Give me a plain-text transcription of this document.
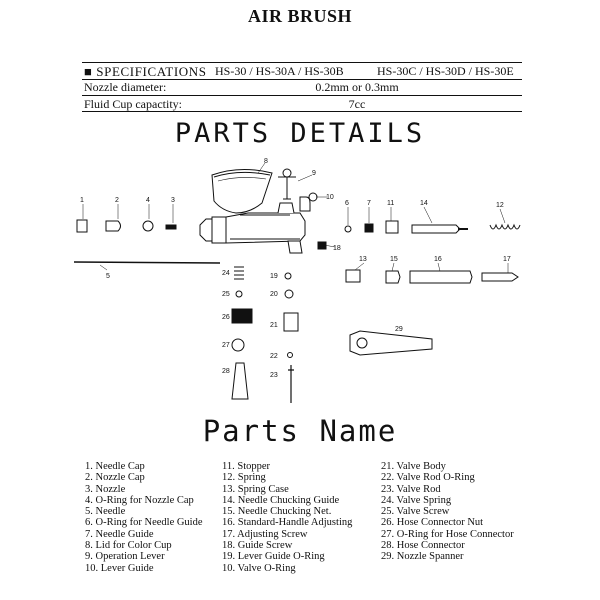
AIR BRUSH
■ SPECIFICATIONS HS-30 / HS-30A / HS-30B	HS-30C / HS-30D / HS-30E
Nozzle diameter:	0.2mm or 0.3mm
Fluid Cup capactity:	7cc
PARTS DETAILS
1	2	3
4
5
6	7
8
9
10
11	12
13
14
15	16	17
18
19
20
21
22
23
24
25
26
27
28
29
Parts Name
1. Needle Cap
2. Nozzle Cap
3. Nozzle
4. O-Ring for Nozzle Cap
5. Needle
6. O-Ring for Needle Guide
7. Needle Guide
8. Lid for Color Cup
9. Operation Lever
10. Lever Guide
11. Stopper
12. Spring
13. Spring Case
14. Needle Chucking Guide
15. Needle Chucking Net.
16. Standard-Handle Adjusting
17. Adjusting Screw
18. Guide Screw
19. Lever Guide O-Ring
10. Valve O-Ring
21. Valve Body
22. Valve Rod O-Ring
23. Valve Rod
24. Valve Spring
25. Valve Screw
26. Hose Connector Nut
27. O-Ring for Hose Connector
28. Hose Connector
29. Nozzle Spanner
